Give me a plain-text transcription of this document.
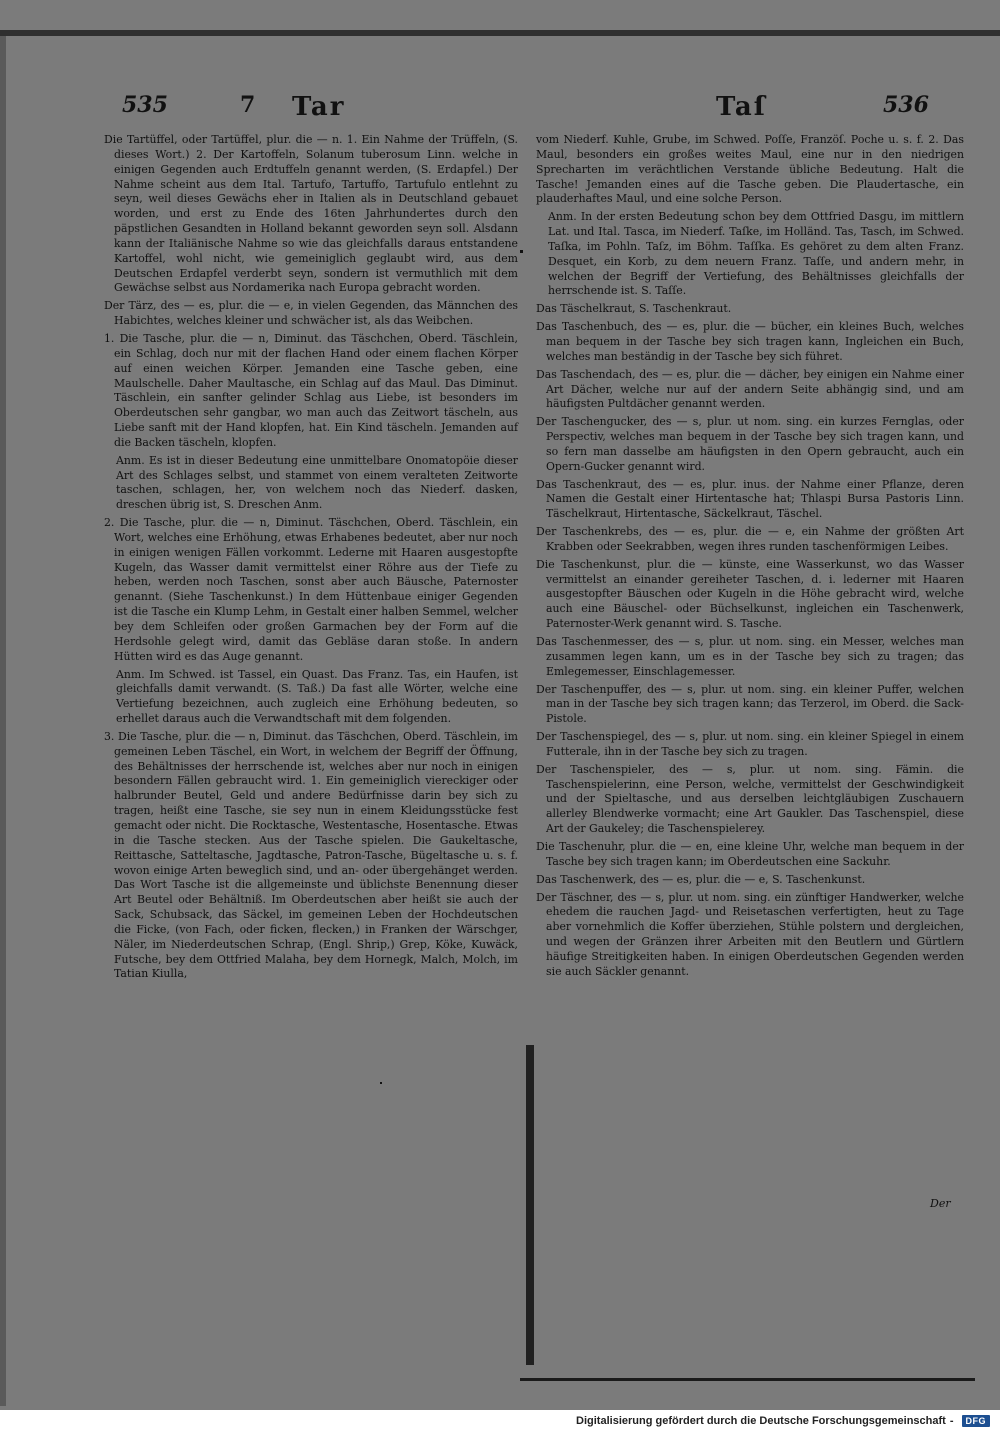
535	7 Tar	Taſ	536

Die Tartüffel, oder Tartüffel, plur. die — n. 1. Ein Nahme der Trüffeln, (S. dieses Wort.) 2. Der Kartoffeln, Solanum tuberosum Linn. welche in einigen Gegenden auch Erdtuffeln genannt werden, (S. Erdapfel.) Der Nahme scheint aus dem Ital. Tartufo, Tartuffo, Tartufulo entlehnt zu seyn, weil dieses Gewächs eher in Italien als in Deutschland gebauet worden, und erst zu Ende des 16ten Jahrhundertes durch den päpstlichen Gesandten in Holland bekannt geworden seyn soll. Alsdann kann der Italiänische Nahme so wie das gleichfalls daraus entstandene Kartoffel, wohl nicht, wie gemeiniglich geglaubt wird, aus dem Deutschen Erdapfel verderbt seyn, sondern ist vermuthlich mit dem Gewächse selbst aus Nordamerika nach Europa gebracht worden.

Der Tärz, des — es, plur. die — e, in vielen Gegenden, das Männchen des Habichtes, welches kleiner und schwächer ist, als das Weibchen.

1. Die Tasche, plur. die — n, Diminut. das Täschchen, Oberd. Täschlein, ein Schlag, doch nur mit der flachen Hand oder einem flachen Körper auf einen weichen Körper. Jemanden eine Tasche geben, eine Maulschelle. Daher Maultasche, ein Schlag auf das Maul. Das Diminut. Täschlein, ein sanfter gelinder Schlag aus Liebe, ist besonders im Oberdeutschen sehr gangbar, wo man auch das Zeitwort täscheln, aus Liebe sanft mit der Hand klopfen, hat. Ein Kind täscheln. Jemanden auf die Backen täscheln, klopfen.

Anm. Es ist in dieser Bedeutung eine unmittelbare Onomatopöie dieser Art des Schlages selbst, und stammet von einem veralteten Zeitworte taschen, schlagen, her, von welchem noch das Niederf. dasken, dreschen übrig ist, S. Dreschen Anm.

2. Die Tasche, plur. die — n, Diminut. Täschchen, Oberd. Täschlein, ein Wort, welches eine Erhöhung, etwas Erhabenes bedeutet, aber nur noch in einigen wenigen Fällen vorkommt. Lederne mit Haaren ausgestopfte Kugeln, das Wasser damit vermittelst einer Röhre aus der Tiefe zu heben, werden noch Taschen, sonst aber auch Bäusche, Paternoster genannt. (Siehe Taschenkunst.) In dem Hüttenbaue einiger Gegenden ist die Tasche ein Klump Lehm, in Gestalt einer halben Semmel, welcher bey dem Schleifen oder großen Garmachen bey der Form auf die Herdsohle gelegt wird, damit das Gebläse daran stoße. In andern Hütten wird es das Auge genannt.

Anm. Im Schwed. ist Tassel, ein Quast. Das Franz. Tas, ein Haufen, ist gleichfalls damit verwandt. (S. Taß.) Da fast alle Wörter, welche eine Vertiefung bezeichnen, auch zugleich eine Erhöhung bedeuten, so erhellet daraus auch die Verwandtschaft mit dem folgenden.

3. Die Tasche, plur. die — n, Diminut. das Täschchen, Oberd. Täschlein, im gemeinen Leben Täschel, ein Wort, in welchem der Begriff der Öffnung, des Behältnisses der herrschende ist, welches aber nur noch in einigen besondern Fällen gebraucht wird. 1. Ein gemeiniglich viereckiger oder halbrunder Beutel, Geld und andere Bedürfnisse darin bey sich zu tragen, heißt eine Tasche, sie sey nun in einem Kleidungsstücke fest gemacht oder nicht. Die Rocktasche, Westentasche, Hosentasche. Etwas in die Tasche stecken. Aus der Tasche spielen. Die Gaukeltasche, Reittasche, Satteltasche, Jagdtasche, Patron-Tasche, Bügeltasche u. s. f. wovon einige Arten beweglich sind, und an- oder übergehänget werden. Das Wort Tasche ist die allgemeinste und üblichste Benennung dieser Art Beutel oder Behältniß. Im Oberdeutschen aber heißt sie auch der Sack, Schubsack, das Säckel, im gemeinen Leben der Hochdeutschen die Ficke, (von Fach, oder ficken, flecken,) in Franken der Wärschger, Näler, im Niederdeutschen Schrap, (Engl. Shrip,) Grep, Köke, Kuwäck, Futsche, bey dem Ottfried Malaha, bey dem Hornegk, Malch, Molch, im Tatian Kiulla,

vom Niederf. Kuhle, Grube, im Schwed. Poſſe, Franzöſ. Poche u. s. f. 2. Das Maul, besonders ein großes weites Maul, eine nur in den niedrigen Sprecharten im verächtlichen Verstande übliche Bedeutung. Halt die Tasche! Jemanden eines auf die Tasche geben. Die Plaudertasche, ein plauderhaftes Maul, und eine solche Person.

Anm. In der ersten Bedeutung schon bey dem Ottfried Dasgu, im mittlern Lat. und Ital. Tasca, im Niederf. Taſke, im Holländ. Tas, Tasch, im Schwed. Taſka, im Pohln. Taſz, im Böhm. Taſſka. Es gehöret zu dem alten Franz. Desquet, ein Korb, zu dem neuern Franz. Taſſe, und andern mehr, in welchen der Begriff der Vertiefung, des Behältnisses gleichfalls der herrschende ist. S. Taſſe.

Das Täschelkraut, S. Taschenkraut.

Das Taschenbuch, des — es, plur. die — bücher, ein kleines Buch, welches man bequem in der Tasche bey sich tragen kann, Ingleichen ein Buch, welches man beständig in der Tasche bey sich führet.

Das Taschendach, des — es, plur. die — dächer, bey einigen ein Nahme einer Art Dächer, welche nur auf der andern Seite abhängig sind, und am häufigsten Pultdächer genannt werden.

Der Taschengucker, des — s, plur. ut nom. sing. ein kurzes Fernglas, oder Perspectiv, welches man bequem in der Tasche bey sich tragen kann, und so fern man dasselbe am häufigsten in den Opern gebraucht, auch ein Opern-Gucker genannt wird.

Das Taschenkraut, des — es, plur. inus. der Nahme einer Pflanze, deren Namen die Gestalt einer Hirtentasche hat; Thlaspi Bursa Pastoris Linn. Täschelkraut, Hirtentasche, Säckelkraut, Täschel.

Der Taschenkrebs, des — es, plur. die — e, ein Nahme der größten Art Krabben oder Seekrabben, wegen ihres runden taschenförmigen Leibes.

Die Taschenkunst, plur. die — künste, eine Wasserkunst, wo das Wasser vermittelst an einander gereiheter Taschen, d. i. lederner mit Haaren ausgestopfter Bäuschen oder Kugeln in die Höhe gebracht wird, welche auch eine Bäuschel- oder Büchselkunst, ingleichen ein Taschenwerk, Paternoster-Werk genannt wird. S. Tasche.

Das Taschenmesser, des — s, plur. ut nom. sing. ein Messer, welches man zusammen legen kann, um es in der Tasche bey sich zu tragen; das Emlegemesser, Einschlagemesser.

Der Taschenpuffer, des — s, plur. ut nom. sing. ein kleiner Puffer, welchen man in der Tasche bey sich tragen kann; das Terzerol, im Oberd. die Sack-Pistole.

Der Taschenspiegel, des — s, plur. ut nom. sing. ein kleiner Spiegel in einem Futterale, ihn in der Tasche bey sich zu tragen.

Der Taschenspieler, des — s, plur. ut nom. sing. Fämin. die Taschenspielerinn, eine Person, welche, vermittelst der Geschwindigkeit und der Spieltasche, und aus derselben leichtgläubigen Zuschauern allerley Blendwerke vormacht; eine Art Gaukler. Das Taschenspiel, diese Art der Gaukeley; die Taschenspielerey.

Die Taschenuhr, plur. die — en, eine kleine Uhr, welche man bequem in der Tasche bey sich tragen kann; im Oberdeutschen eine Sackuhr.

Das Taschenwerk, des — es, plur. die — e, S. Taschenkunst.

Der Täschner, des — s, plur. ut nom. sing. ein zünftiger Handwerker, welche ehedem die rauchen Jagd- und Reisetaschen verfertigten, heut zu Tage aber vornehmlich die Koffer überziehen, Stühle polstern und dergleichen, und wegen der Gränzen ihrer Arbeiten mit den Beutlern und Gürtlern häufige Streitigkeiten haben. In einigen Oberdeutschen Gegenden werden sie auch Säckler genannt.

Der
Digitalisierung gefördert durch die Deutsche Forschungsgemeinschaft -	DFG
